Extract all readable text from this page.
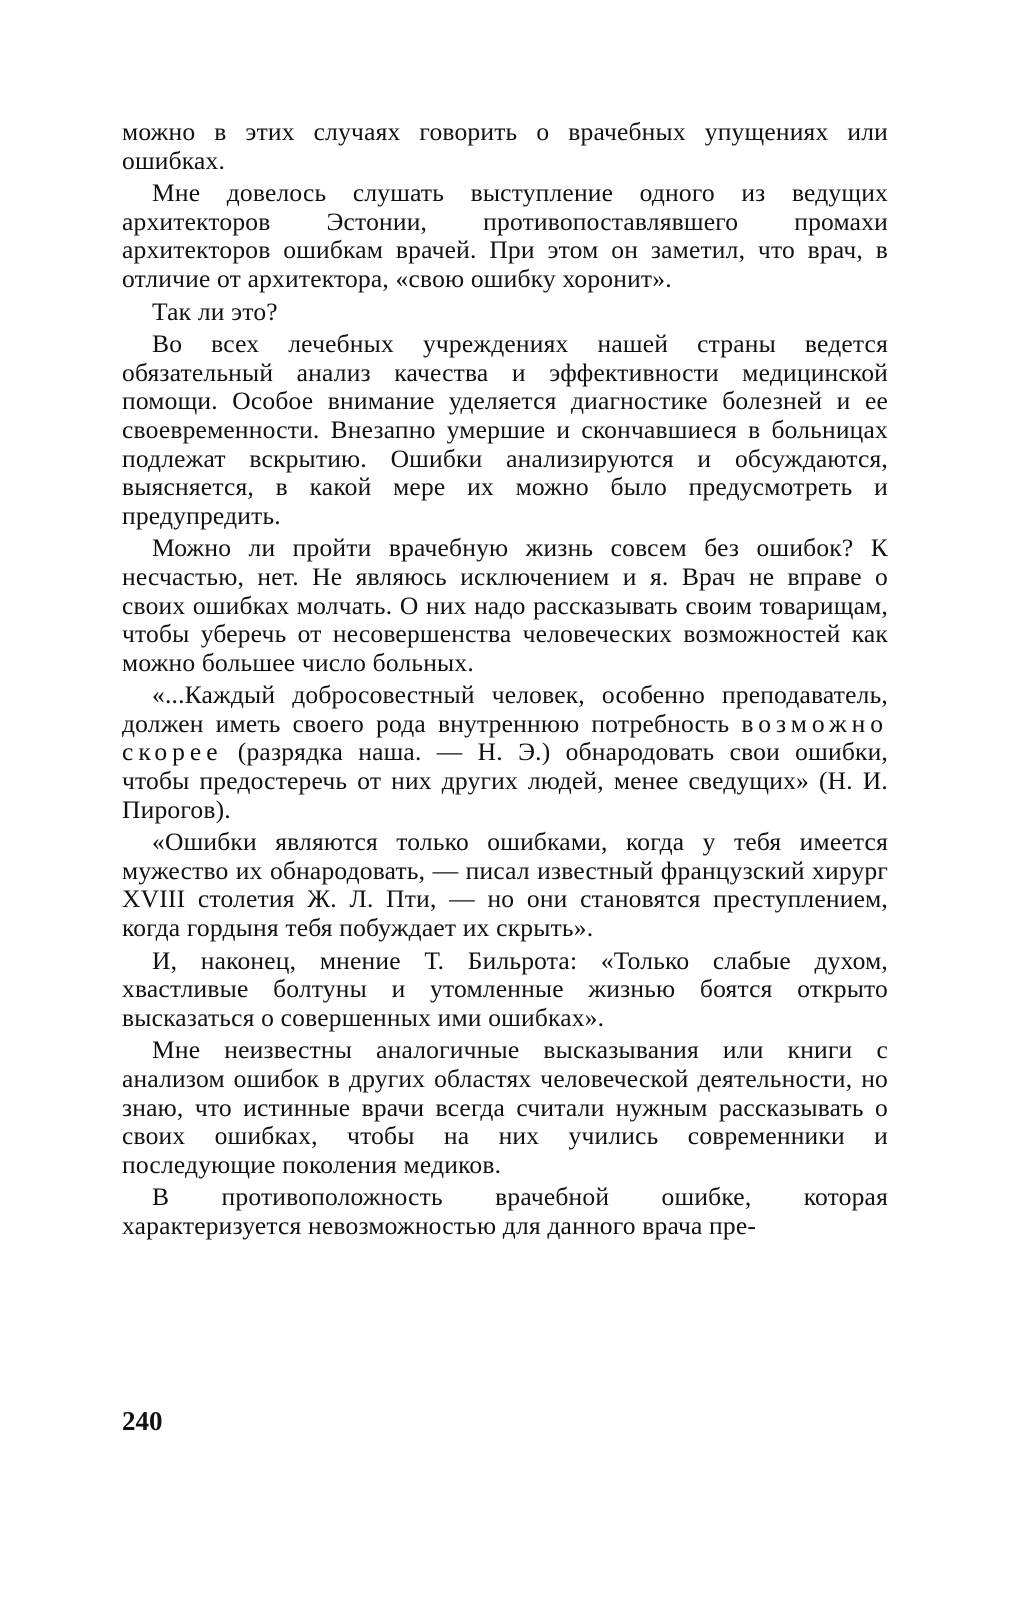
можно в этих случаях говорить о врачебных упущениях или ошибках.

Мне довелось слушать выступление одного из ведущих архитекторов Эстонии, противопоставлявшего промахи архитекторов ошибкам врачей. При этом он заметил, что врач, в отличие от архитектора, «свою ошибку хоронит».

Так ли это?

Во всех лечебных учреждениях нашей страны ведется обязательный анализ качества и эффективности медицинской помощи. Особое внимание уделяется диагностике болезней и ее своевременности. Внезапно умершие и скончавшиеся в больницах подлежат вскрытию. Ошибки анализируются и обсуждаются, выясняется, в какой мере их можно было предусмотреть и предупредить.

Можно ли пройти врачебную жизнь совсем без ошибок? К несчастью, нет. Не являюсь исключением и я. Врач не вправе о своих ошибках молчать. О них надо рассказывать своим товарищам, чтобы уберечь от несовершенства человеческих возможностей как можно большее число больных.

«...Каждый добросовестный человек, особенно преподаватель, должен иметь своего рода внутреннюю потребность возможно скорее (разрядка наша. — Н. Э.) обнародовать свои ошибки, чтобы предостеречь от них других людей, менее сведущих» (Н. И. Пирогов).

«Ошибки являются только ошибками, когда у тебя имеется мужество их обнародовать, — писал известный французский хирург XVIII столетия Ж. Л. Пти, — но они становятся преступлением, когда гордыня тебя побуждает их скрыть».

И, наконец, мнение Т. Бильрота: «Только слабые духом, хвастливые болтуны и утомленные жизнью боятся открыто высказаться о совершенных ими ошибках».

Мне неизвестны аналогичные высказывания или книги с анализом ошибок в других областях человеческой деятельности, но знаю, что истинные врачи всегда считали нужным рассказывать о своих ошибках, чтобы на них учились современники и последующие поколения медиков.

В противоположность врачебной ошибке, которая характеризуется невозможностью для данного врача пре-

240
